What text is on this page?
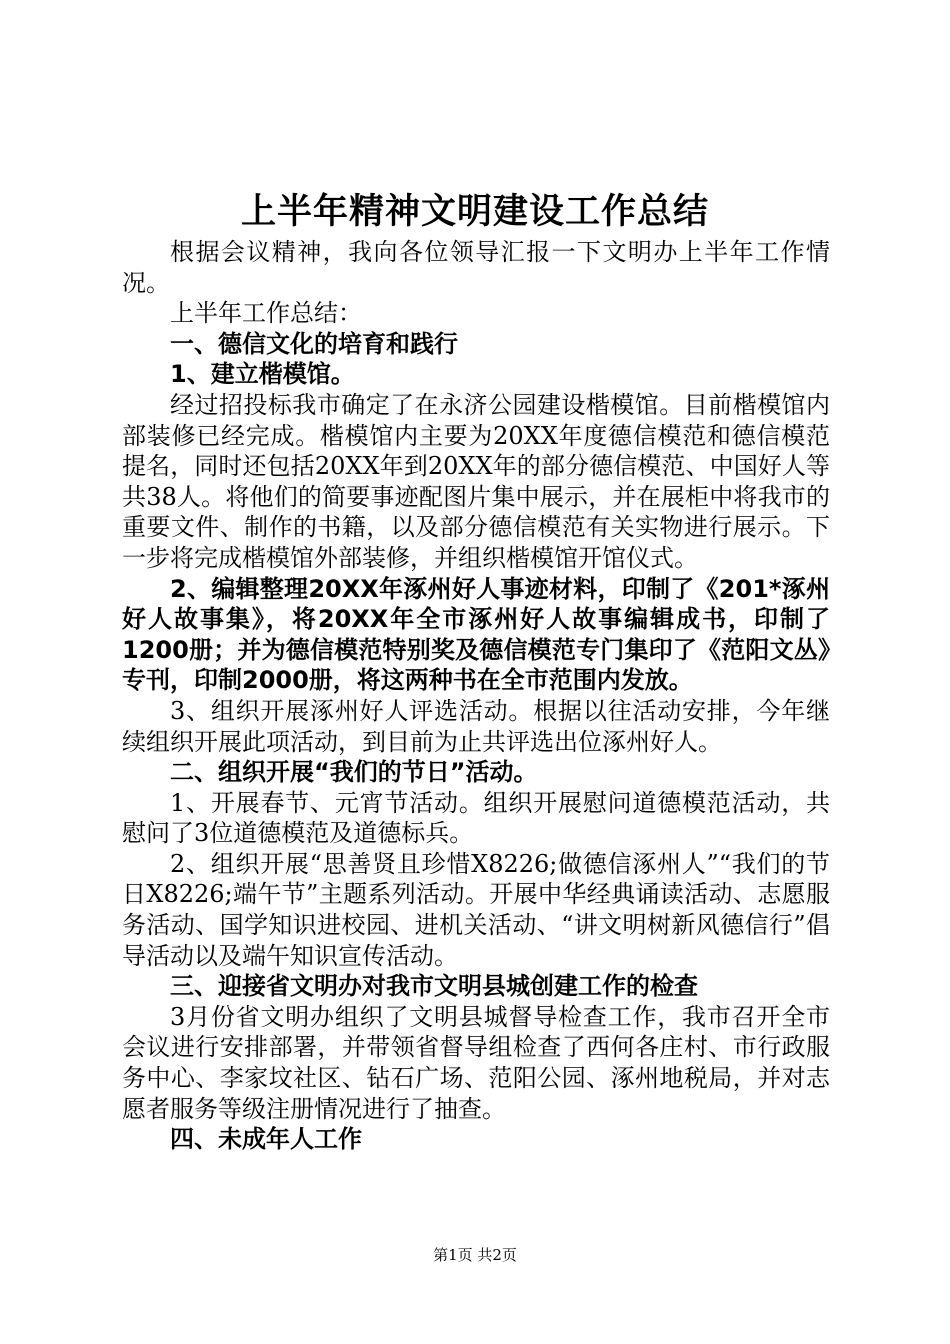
上半年精神文明建设工作总结

根据会议精神，我向各位领导汇报一下文明办上半年工作情况。

上半年工作总结：

一、德信文化的培育和践行

1、建立楷模馆。

经过招投标我市确定了在永济公园建设楷模馆。目前楷模馆内部装修已经完成。楷模馆内主要为20XX年度德信模范和德信模范提名，同时还包括20XX年到20XX年的部分德信模范、中国好人等共38人。将他们的简要事迹配图片集中展示，并在展柜中将我市的重要文件、制作的书籍，以及部分德信模范有关实物进行展示。下一步将完成楷模馆外部装修，并组织楷模馆开馆仪式。

2、编辑整理20XX年涿州好人事迹材料，印制了《201*涿州好人故事集》，将20XX年全市涿州好人故事编辑成书，印制了1200册；并为德信模范特别奖及德信模范专门集印了《范阳文丛》专刊，印制2000册，将这两种书在全市范围内发放。

3、组织开展涿州好人评选活动。根据以往活动安排，今年继续组织开展此项活动，到目前为止共评选出位涿州好人。

二、组织开展“我们的节日”活动。

1、开展春节、元宵节活动。组织开展慰问道德模范活动，共慰问了3位道德模范及道德标兵。

2、组织开展“思善贤且珍惜X8226;做德信涿州人”“我们的节日X8226;端午节”主题系列活动。开展中华经典诵读活动、志愿服务活动、国学知识进校园、进机关活动、“讲文明树新风德信行”倡导活动以及端午知识宣传活动。

三、迎接省文明办对我市文明县城创建工作的检查

3月份省文明办组织了文明县城督导检查工作，我市召开全市会议进行安排部署，并带领省督导组检查了西何各庄村、市行政服务中心、李家坟社区、钻石广场、范阳公园、涿州地税局，并对志愿者服务等级注册情况进行了抽查。

四、未成年人工作

第1页 共2页
